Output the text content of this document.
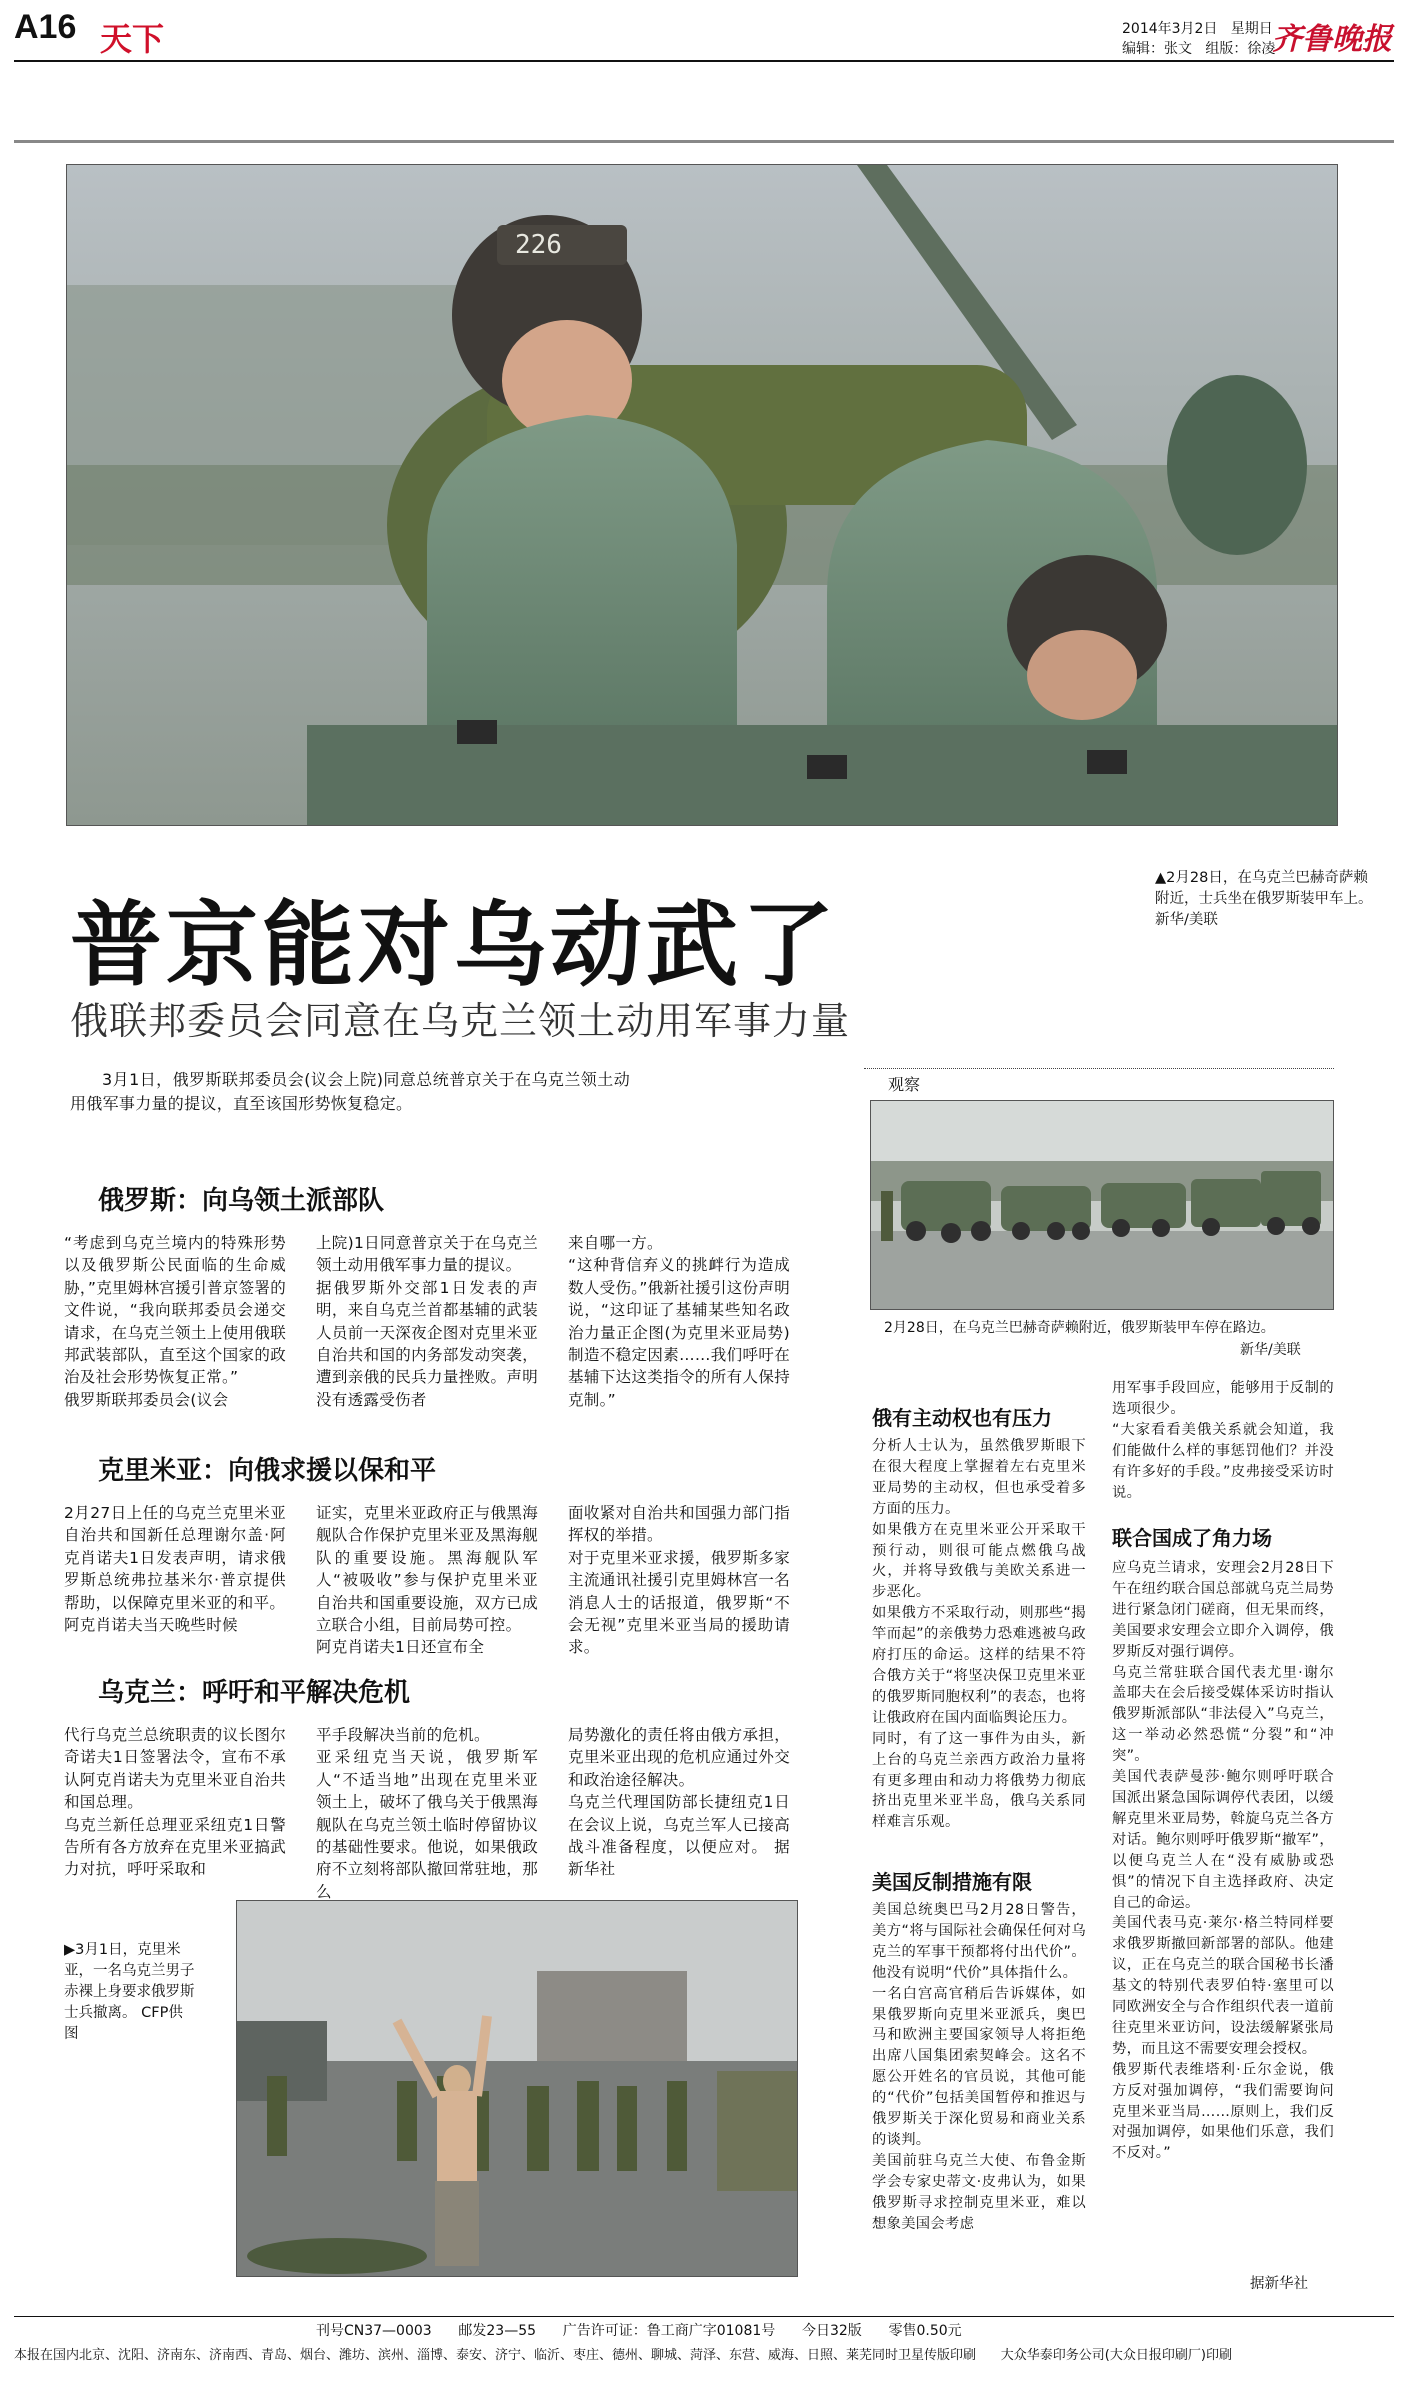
A16 天下	2014年3月2日   星期日
编辑：张文   组版：徐凌
齐鲁晚报
226
▲2月28日，在乌克兰巴赫奇萨赖附近，士兵坐在俄罗斯装甲车上。 新华/美联
普京能对乌动武了
俄联邦委员会同意在乌克兰领土动用军事力量

3月1日，俄罗斯联邦委员会(议会上院)同意总统普京关于在乌克兰领土动用俄军事力量的提议，直至该国形势恢复稳定。

俄罗斯：向乌领土派部队
“考虑到乌克兰境内的特殊形势以及俄罗斯公民面临的生命威胁，”克里姆林宫援引普京签署的文件说，“我向联邦委员会递交请求，在乌克兰领土上使用俄联邦武装部队，直至这个国家的政治及社会形势恢复正常。”
俄罗斯联邦委员会(议会
上院)1日同意普京关于在乌克兰领土动用俄军事力量的提议。
据俄罗斯外交部1日发表的声明，来自乌克兰首都基辅的武装人员前一天深夜企图对克里米亚自治共和国的内务部发动突袭，遭到亲俄的民兵力量挫败。声明没有透露受伤者
来自哪一方。
“这种背信弃义的挑衅行为造成数人受伤。”俄新社援引这份声明说，“这印证了基辅某些知名政治力量正企图(为克里米亚局势)制造不稳定因素……我们呼吁在基辅下达这类指令的所有人保持克制。”
克里米亚：向俄求援以保和平
2月27日上任的乌克兰克里米亚自治共和国新任总理谢尔盖·阿克肖诺夫1日发表声明，请求俄罗斯总统弗拉基米尔·普京提供帮助，以保障克里米亚的和平。
阿克肖诺夫当天晚些时候
证实，克里米亚政府正与俄黑海舰队合作保护克里米亚及黑海舰队的重要设施。黑海舰队军人“被吸收”参与保护克里米亚自治共和国重要设施，双方已成立联合小组，目前局势可控。
阿克肖诺夫1日还宣布全
面收紧对自治共和国强力部门指挥权的举措。
对于克里米亚求援，俄罗斯多家主流通讯社援引克里姆林宫一名消息人士的话报道，俄罗斯“不会无视”克里米亚当局的援助请求。
乌克兰：呼吁和平解决危机
代行乌克兰总统职责的议长图尔奇诺夫1日签署法令，宣布不承认阿克肖诺夫为克里米亚自治共和国总理。
乌克兰新任总理亚采纽克1日警告所有各方放弃在克里米亚搞武力对抗，呼吁采取和
平手段解决当前的危机。
亚采纽克当天说，俄罗斯军人“不适当地”出现在克里米亚领土上，破坏了俄乌关于俄黑海舰队在乌克兰领土临时停留协议的基础性要求。他说，如果俄政府不立刻将部队撤回常驻地，那么
局势激化的责任将由俄方承担，克里米亚出现的危机应通过外交和政治途径解决。
乌克兰代理国防部长捷纽克1日在会议上说，乌克兰军人已接高战斗准备程度，以便应对。 据新华社
▶3月1日，克里米亚，一名乌克兰男子赤裸上身要求俄罗斯士兵撤离。 CFP供图
观察
2月28日，在乌克兰巴赫奇萨赖附近，俄罗斯装甲车停在路边。
新华/美联
俄有主动权也有压力
分析人士认为，虽然俄罗斯眼下在很大程度上掌握着左右克里米亚局势的主动权，但也承受着多方面的压力。
如果俄方在克里米亚公开采取干预行动，则很可能点燃俄乌战火，并将导致俄与美欧关系进一步恶化。
如果俄方不采取行动，则那些“揭竿而起”的亲俄势力恐难逃被乌政府打压的命运。这样的结果不符合俄方关于“将坚决保卫克里米亚的俄罗斯同胞权利”的表态，也将让俄政府在国内面临舆论压力。
同时，有了这一事件为由头，新上台的乌克兰亲西方政治力量将有更多理由和动力将俄势力彻底挤出克里米亚半岛，俄乌关系同样难言乐观。
美国反制措施有限
美国总统奥巴马2月28日警告，美方“将与国际社会确保任何对乌克兰的军事干预都将付出代价”。他没有说明“代价”具体指什么。
一名白宫高官稍后告诉媒体，如果俄罗斯向克里米亚派兵，奥巴马和欧洲主要国家领导人将拒绝出席八国集团索契峰会。这名不愿公开姓名的官员说，其他可能的“代价”包括美国暂停和推迟与俄罗斯关于深化贸易和商业关系的谈判。
美国前驻乌克兰大使、布鲁金斯学会专家史蒂文·皮弗认为，如果俄罗斯寻求控制克里米亚，难以想象美国会考虑
用军事手段回应，能够用于反制的选项很少。
“大家看看美俄关系就会知道，我们能做什么样的事惩罚他们？并没有许多好的手段。”皮弗接受采访时说。
联合国成了角力场
应乌克兰请求，安理会2月28日下午在纽约联合国总部就乌克兰局势进行紧急闭门磋商，但无果而终，美国要求安理会立即介入调停，俄罗斯反对强行调停。
乌克兰常驻联合国代表尤里·谢尔盖耶夫在会后接受媒体采访时指认俄罗斯派部队“非法侵入”乌克兰，这一举动必然恐慌“分裂”和“冲突”。
美国代表萨曼莎·鲍尔则呼吁联合国派出紧急国际调停代表团，以缓解克里米亚局势，斡旋乌克兰各方对话。鲍尔则呼吁俄罗斯“撤军”，以便乌克兰人在“没有威胁或恐惧”的情况下自主选择政府、决定自己的命运。
美国代表马克·莱尔·格兰特同样要求俄罗斯撤回新部署的部队。他建议，正在乌克兰的联合国秘书长潘基文的特别代表罗伯特·塞里可以同欧洲安全与合作组织代表一道前往克里米亚访问，设法缓解紧张局势，而且这不需要安理会授权。
俄罗斯代表维塔利·丘尔金说，俄方反对强加调停，“我们需要询问克里米亚当局……原则上，我们反对强加调停，如果他们乐意，我们不反对。”
据新华社
刊号CN37—0003      邮发23—55      广告许可证：鲁工商广字01081号      今日32版      零售0.50元
本报在国内北京、沈阳、济南东、济南西、青岛、烟台、潍坊、滨州、淄博、泰安、济宁、临沂、枣庄、德州、聊城、菏泽、东营、威海、日照、莱芜同时卫星传版印刷      大众华泰印务公司(大众日报印刷厂)印刷
